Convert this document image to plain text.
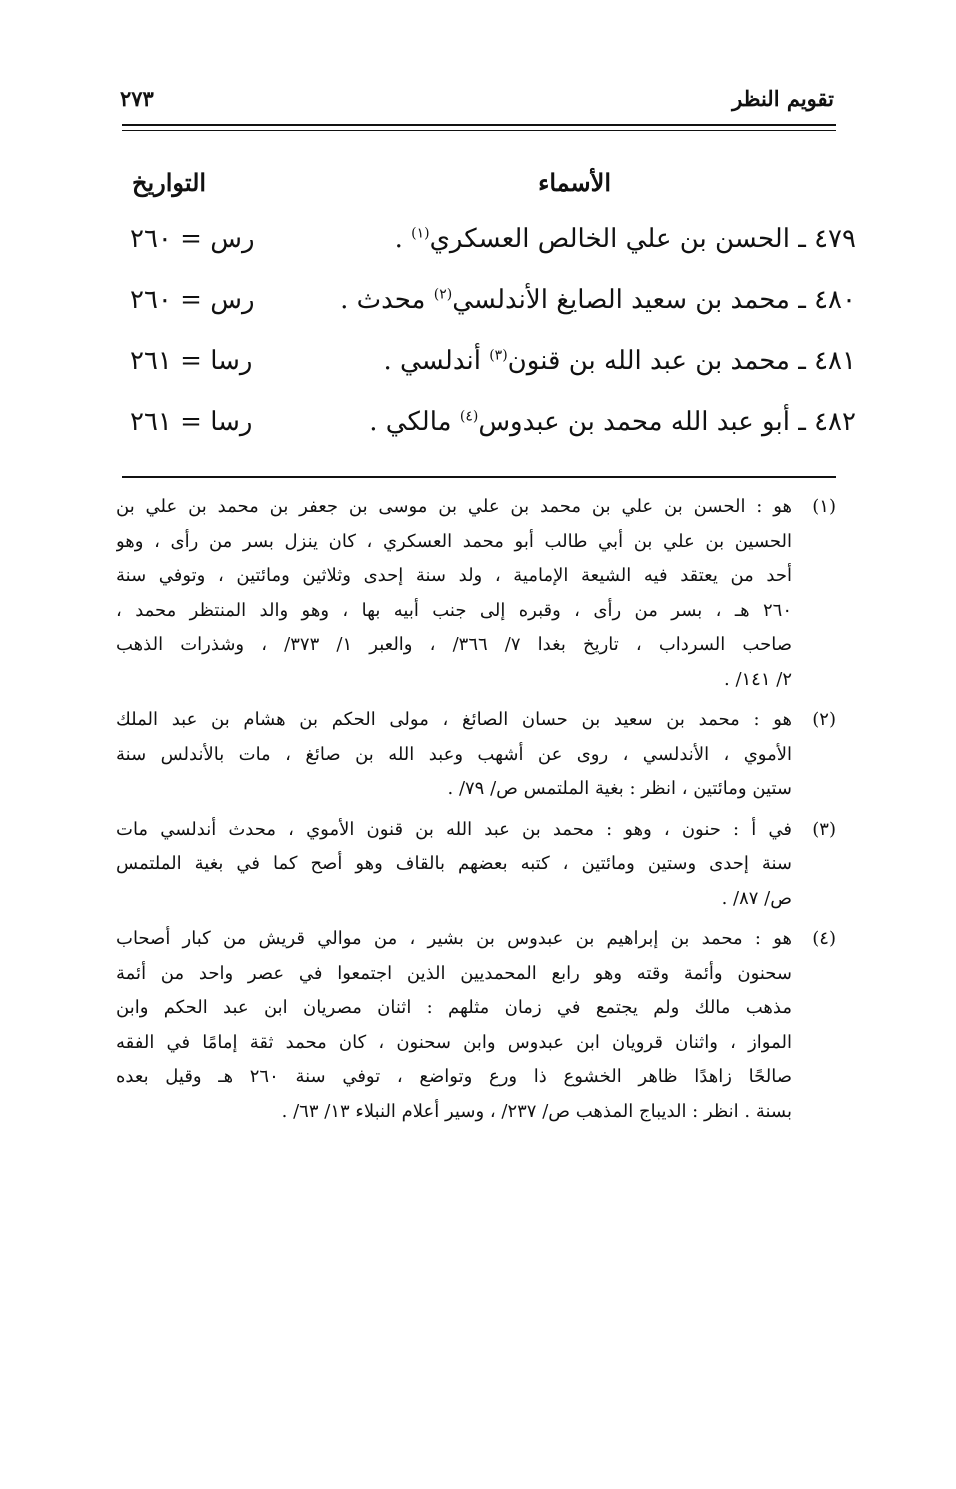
تقويم النظر
٢٧٣
الأسماء
التواريخ
٤٧٩ ـ الحسن بن علي الخالص العسكري$^{(١)}$ .
رس = ٢٦٠
٤٨٠ ـ محمد بن سعيد الصايغ الأندلسي$^{(٢)}$ محدث .
رس = ٢٦٠
٤٨١ ـ محمد بن عبد الله بن قنون$^{(٣)}$ أندلسي .
رسا = ٢٦١
٤٨٢ ـ أبو عبد الله محمد بن عبدوس$^{(٤)}$ مالكي .
رسا = ٢٦١
(١)
هو : الحسن بن علي بن محمد بن علي بن موسى بن جعفر بن محمد بن علي بن
الحسين بن علي بن أبي طالب أبو محمد العسكري ، كان ينزل بسر من رأى ، وهو
أحد من يعتقد فيه الشيعة الإمامية ، ولد سنة إحدى وثلاثين ومائتين ، وتوفي سنة
٢٦٠ هـ ، بسر من رأى ، وقبره إلى جنب أبيه بها ، وهو والد المنتظر محمد ،
صاحب السرداب ، تاريخ بغدا ٧/ ٣٦٦/ ، والعبر ١/ ٣٧٣/ ، وشذرات الذهب
٢/ ١٤١/ .
(٢)
هو : محمد بن سعيد بن حسان الصائغ ، مولى الحكم بن هشام بن عبد الملك
الأموي ، الأندلسي ، روى عن أشهب وعبد الله بن صائغ ، مات بالأندلس سنة
ستين ومائتين ، انظر : بغية الملتمس ص/ ٧٩/ .
(٣)
في أ : حنون ، وهو : محمد بن عبد الله بن قنون الأموي ، محدث أندلسي مات
سنة إحدى وستين ومائتين ، كتبه بعضهم بالقاف وهو أصح كما في بغية الملتمس
ص/ ٨٧/ .
(٤)
هو : محمد بن إبراهيم بن عبدوس بن بشير ، من موالي قريش من كبار أصحاب
سحنون وأئمة وقته وهو رابع المحمديين الذين اجتمعوا في عصر واحد من أئمة
مذهب مالك ولم يجتمع في زمان مثلهم : اثنان مصريان ابن عبد الحكم وابن
المواز ، واثنان قرويان ابن عبدوس وابن سحنون ، كان محمد ثقة إمامًا في الفقه
صالحًا زاهدًا ظاهر الخشوع ذا ورع وتواضع ، توفي سنة ٢٦٠ هـ وقيل بعده
بسنة . انظر : الديباج المذهب ص/ ٢٣٧/ ، وسير أعلام النبلاء ١٣/ ٦٣/ .
